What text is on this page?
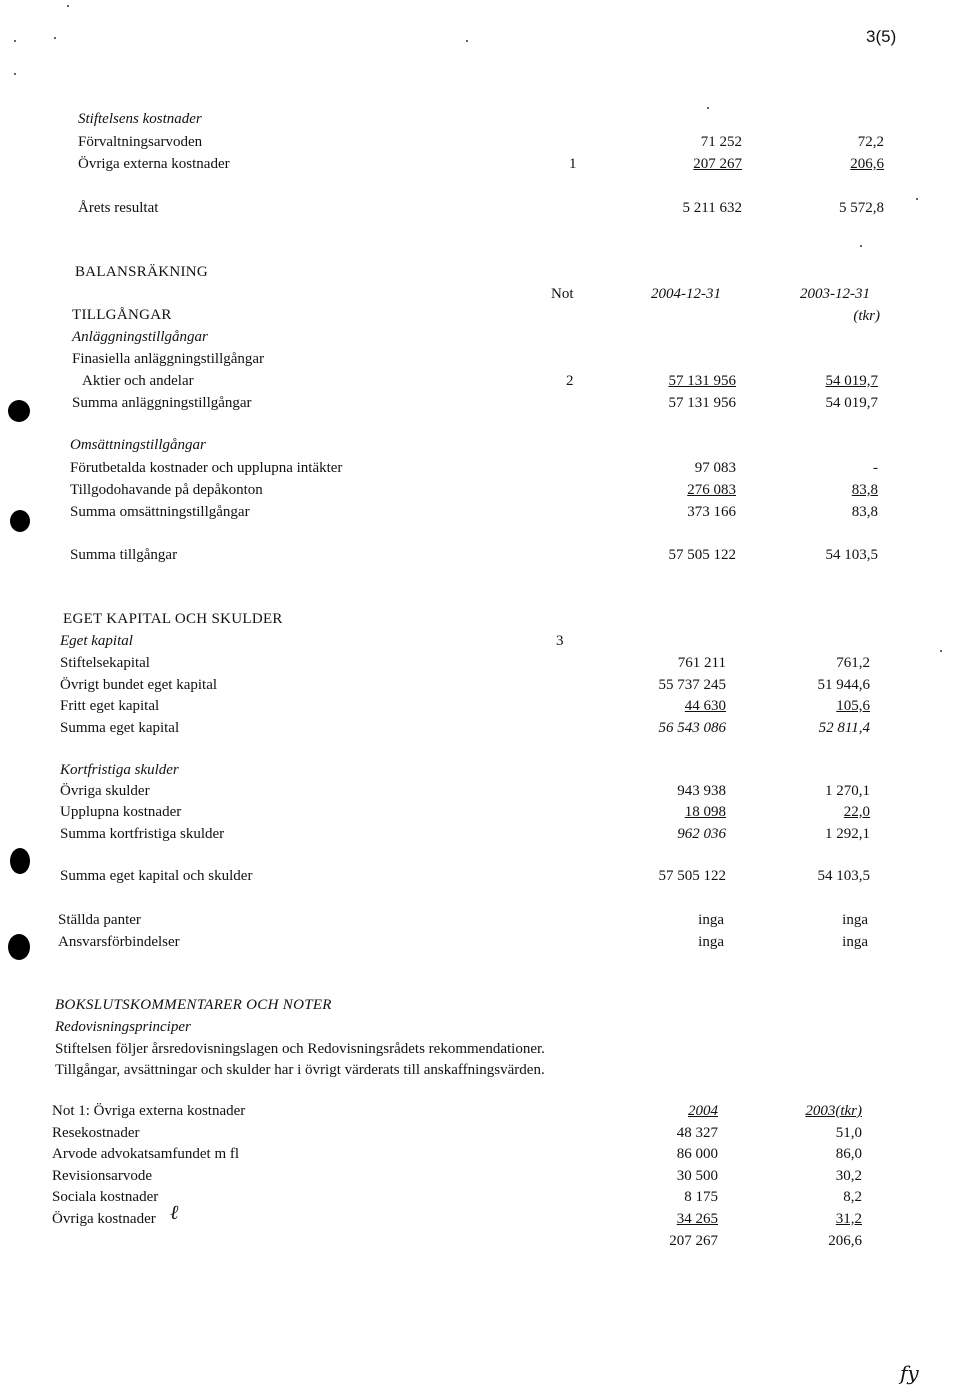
3(5)
Stiftelsens kostnader
Förvaltningsarvoden	71 252	72,2
Övriga externa kostnader	1	207 267	206,6
Årets resultat	5 211 632	5 572,8
BALANSRÄKNING
Not	2004-12-31	2003-12-31
TILLGÅNGAR	(tkr)
Anläggningstillgångar
Finasiella anläggningstillgångar
Aktier och andelar	2	57 131 956	54 019,7
Summa anläggningstillgångar	57 131 956	54 019,7
Omsättningstillgångar
Förutbetalda kostnader och upplupna intäkter	97 083	-
Tillgodohavande på depåkonton	276 083	83,8
Summa omsättningstillgångar	373 166	83,8
Summa tillgångar	57 505 122	54 103,5
EGET KAPITAL OCH SKULDER
Eget kapital	3
Stiftelsekapital	761 211	761,2
Övrigt bundet eget kapital	55 737 245	51 944,6
Fritt eget kapital	44 630	105,6
Summa eget kapital	56 543 086	52 811,4
Kortfristiga skulder
Övriga skulder	943 938	1 270,1
Upplupna kostnader	18 098	22,0
Summa kortfristiga skulder	962 036	1 292,1
Summa eget kapital och skulder	57 505 122	54 103,5
Ställda panter	inga	inga
Ansvarsförbindelser	inga	inga
BOKSLUTSKOMMENTARER OCH NOTER
Redovisningsprinciper
Stiftelsen följer årsredovisningslagen och Redovisningsrådets rekommendationer.
Tillgångar, avsättningar och skulder har i övrigt värderats till anskaffningsvärden.
Not 1: Övriga externa kostnader	2004	2003(tkr)
Resekostnader	48 327	51,0
Arvode advokatsamfundet m fl	86 000	86,0
Revisionsarvode	30 500	30,2
Sociala kostnader	8 175	8,2
Övriga kostnader ℓ	34 265	31,2
207 267	206,6
fy
